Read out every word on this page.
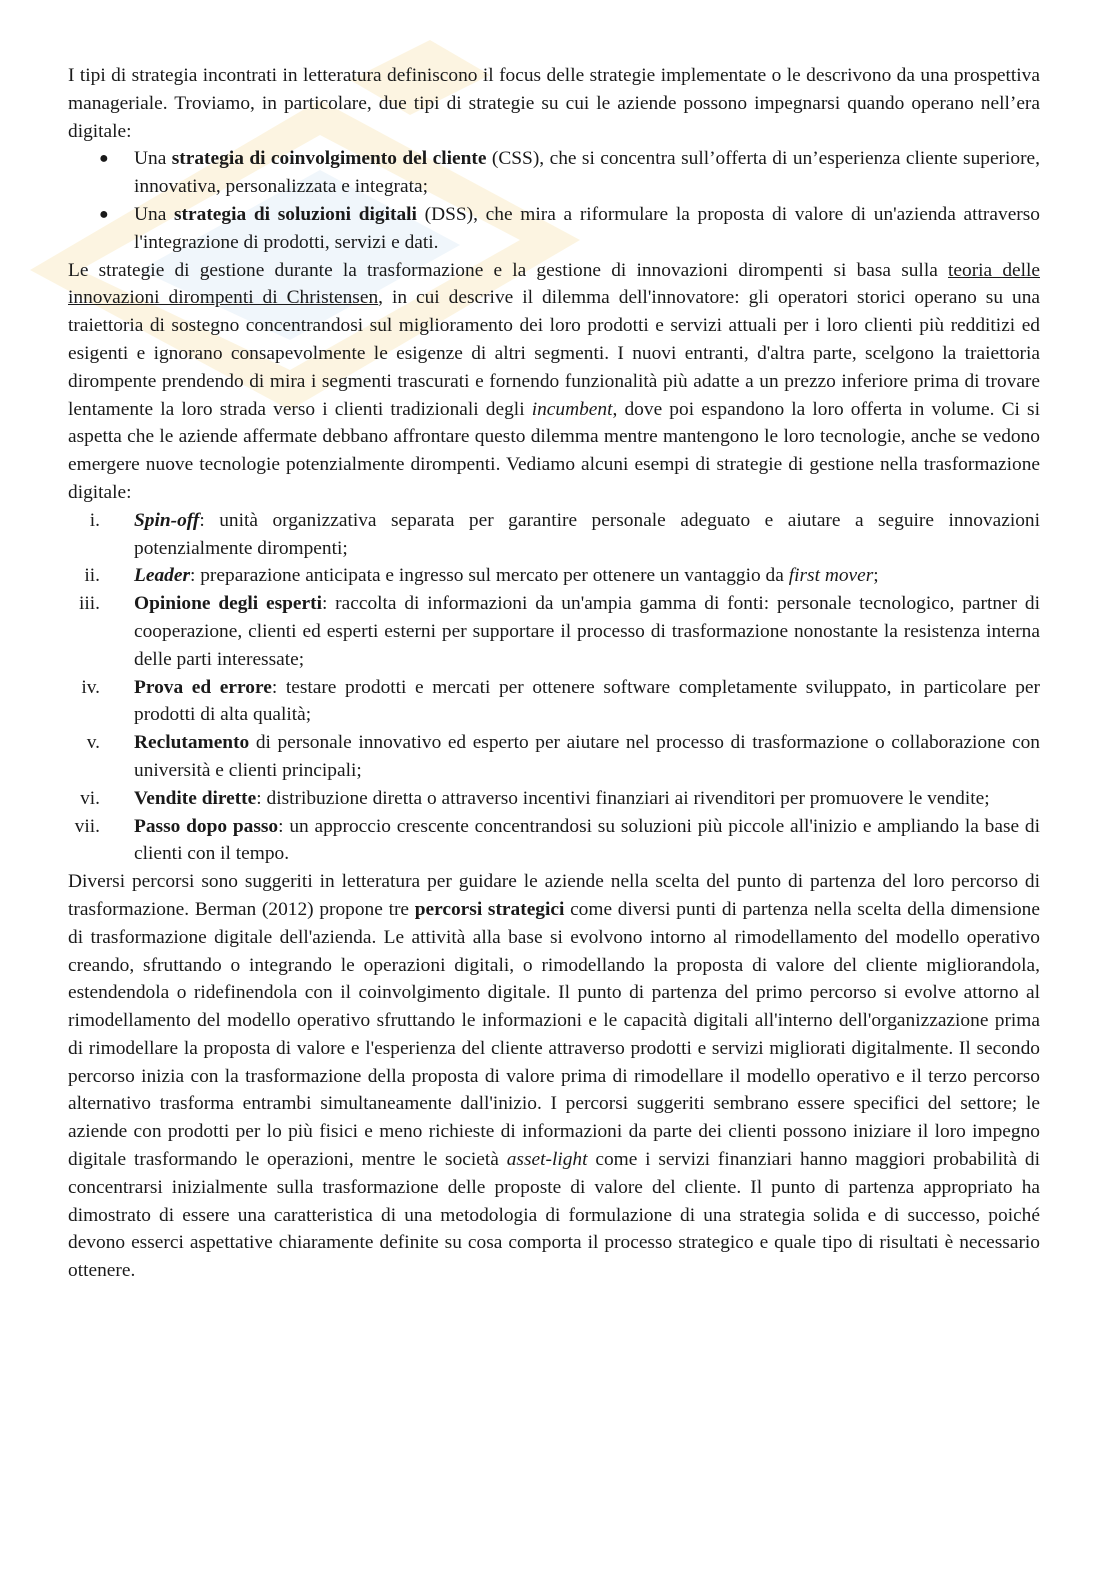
I tipi di strategia incontrati in letteratura definiscono il focus delle strategie implementate o le descrivono da una prospettiva manageriale. Troviamo, in particolare, due tipi di strategie su cui le aziende possono impegnarsi quando operano nell’era digitale:

● Una strategia di coinvolgimento del cliente (CSS), che si concentra sull’offerta di un’esperienza cliente superiore, innovativa, personalizzata e integrata;
● Una strategia di soluzioni digitali (DSS), che mira a riformulare la proposta di valore di un'azienda attraverso l'integrazione di prodotti, servizi e dati.

Le strategie di gestione durante la trasformazione e la gestione di innovazioni dirompenti si basa sulla teoria delle innovazioni dirompenti di Christensen, in cui descrive il dilemma dell'innovatore: gli operatori storici operano su una traiettoria di sostegno concentrandosi sul miglioramento dei loro prodotti e servizi attuali per i loro clienti più redditizi ed esigenti e ignorano consapevolmente le esigenze di altri segmenti. I nuovi entranti, d'altra parte, scelgono la traiettoria dirompente prendendo di mira i segmenti trascurati e fornendo funzionalità più adatte a un prezzo inferiore prima di trovare lentamente la loro strada verso i clienti tradizionali degli incumbent, dove poi espandono la loro offerta in volume. Ci si aspetta che le aziende affermate debbano affrontare questo dilemma mentre mantengono le loro tecnologie, anche se vedono emergere nuove tecnologie potenzialmente dirompenti. Vediamo alcuni esempi di strategie di gestione nella trasformazione digitale:

i. Spin-off: unità organizzativa separata per garantire personale adeguato e aiutare a seguire innovazioni potenzialmente dirompenti;
ii. Leader: preparazione anticipata e ingresso sul mercato per ottenere un vantaggio da first mover;
iii. Opinione degli esperti: raccolta di informazioni da un'ampia gamma di fonti: personale tecnologico, partner di cooperazione, clienti ed esperti esterni per supportare il processo di trasformazione nonostante la resistenza interna delle parti interessate;
iv. Prova ed errore: testare prodotti e mercati per ottenere software completamente sviluppato, in particolare per prodotti di alta qualità;
v. Reclutamento di personale innovativo ed esperto per aiutare nel processo di trasformazione o collaborazione con università e clienti principali;
vi. Vendite dirette: distribuzione diretta o attraverso incentivi finanziari ai rivenditori per promuovere le vendite;
vii. Passo dopo passo: un approccio crescente concentrandosi su soluzioni più piccole all'inizio e ampliando la base di clienti con il tempo.

Diversi percorsi sono suggeriti in letteratura per guidare le aziende nella scelta del punto di partenza del loro percorso di trasformazione. Berman (2012) propone tre percorsi strategici come diversi punti di partenza nella scelta della dimensione di trasformazione digitale dell'azienda. Le attività alla base si evolvono intorno al rimodellamento del modello operativo creando, sfruttando o integrando le operazioni digitali, o rimodellando la proposta di valore del cliente migliorandola, estendendola o ridefinendola con il coinvolgimento digitale. Il punto di partenza del primo percorso si evolve attorno al rimodellamento del modello operativo sfruttando le informazioni e le capacità digitali all'interno dell'organizzazione prima di rimodellare la proposta di valore e l'esperienza del cliente attraverso prodotti e servizi migliorati digitalmente. Il secondo percorso inizia con la trasformazione della proposta di valore prima di rimodellare il modello operativo e il terzo percorso alternativo trasforma entrambi simultaneamente dall'inizio. I percorsi suggeriti sembrano essere specifici del settore; le aziende con prodotti per lo più fisici e meno richieste di informazioni da parte dei clienti possono iniziare il loro impegno digitale trasformando le operazioni, mentre le società asset-light come i servizi finanziari hanno maggiori probabilità di concentrarsi inizialmente sulla trasformazione delle proposte di valore del cliente. Il punto di partenza appropriato ha dimostrato di essere una caratteristica di una metodologia di formulazione di una strategia solida e di successo, poiché devono esserci aspettative chiaramente definite su cosa comporta il processo strategico e quale tipo di risultati è necessario ottenere.
